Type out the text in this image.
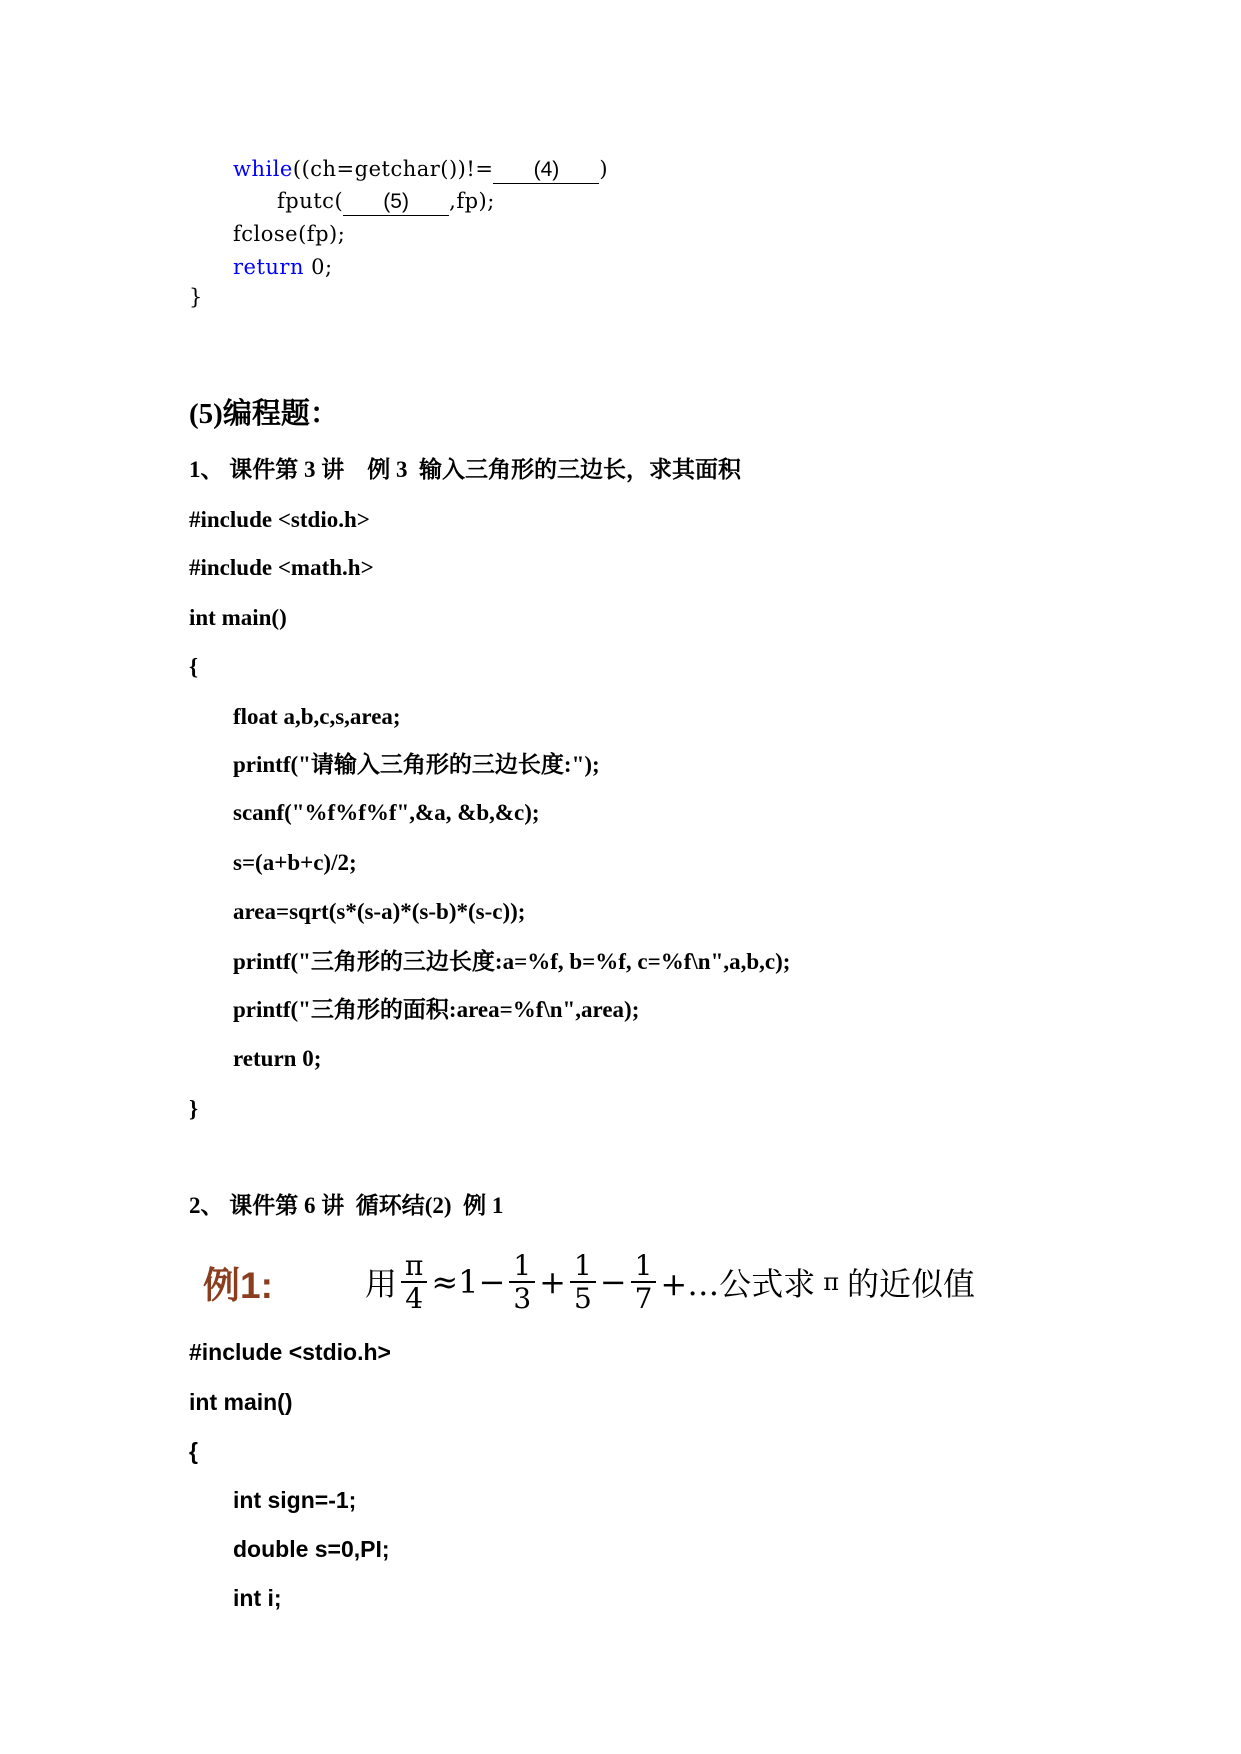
while((ch=getchar())!= (4) )
fputc( (5) ,fp);
fclose(fp);
return 0;
}
(5)编程题：
1、 课件第 3 讲　例 3  输入三角形的三边长，求其面积
#include <stdio.h>
#include <math.h>
int main()
{
float a,b,c,s,area;
printf("请输入三角形的三边长度:");
scanf("%f%f%f",&a, &b,&c);
s=(a+b+c)/2;
area=sqrt(s*(s-a)*(s-b)*(s-c));
printf("三角形的三边长度:a=%f, b=%f, c=%f\n",a,b,c);
printf("三角形的面积:area=%f\n",area);
return 0;
}
2、 课件第 6 讲  循环结(2)  例 1
例1:	用 $\frac{\pi}{4} \approx 1- \frac{1}{3} + \frac{1}{5} - \frac{1}{7}$ +…公式求 π 的近似值
#include <stdio.h>
int main()
{
int sign=-1;
double s=0,PI;
int i;
